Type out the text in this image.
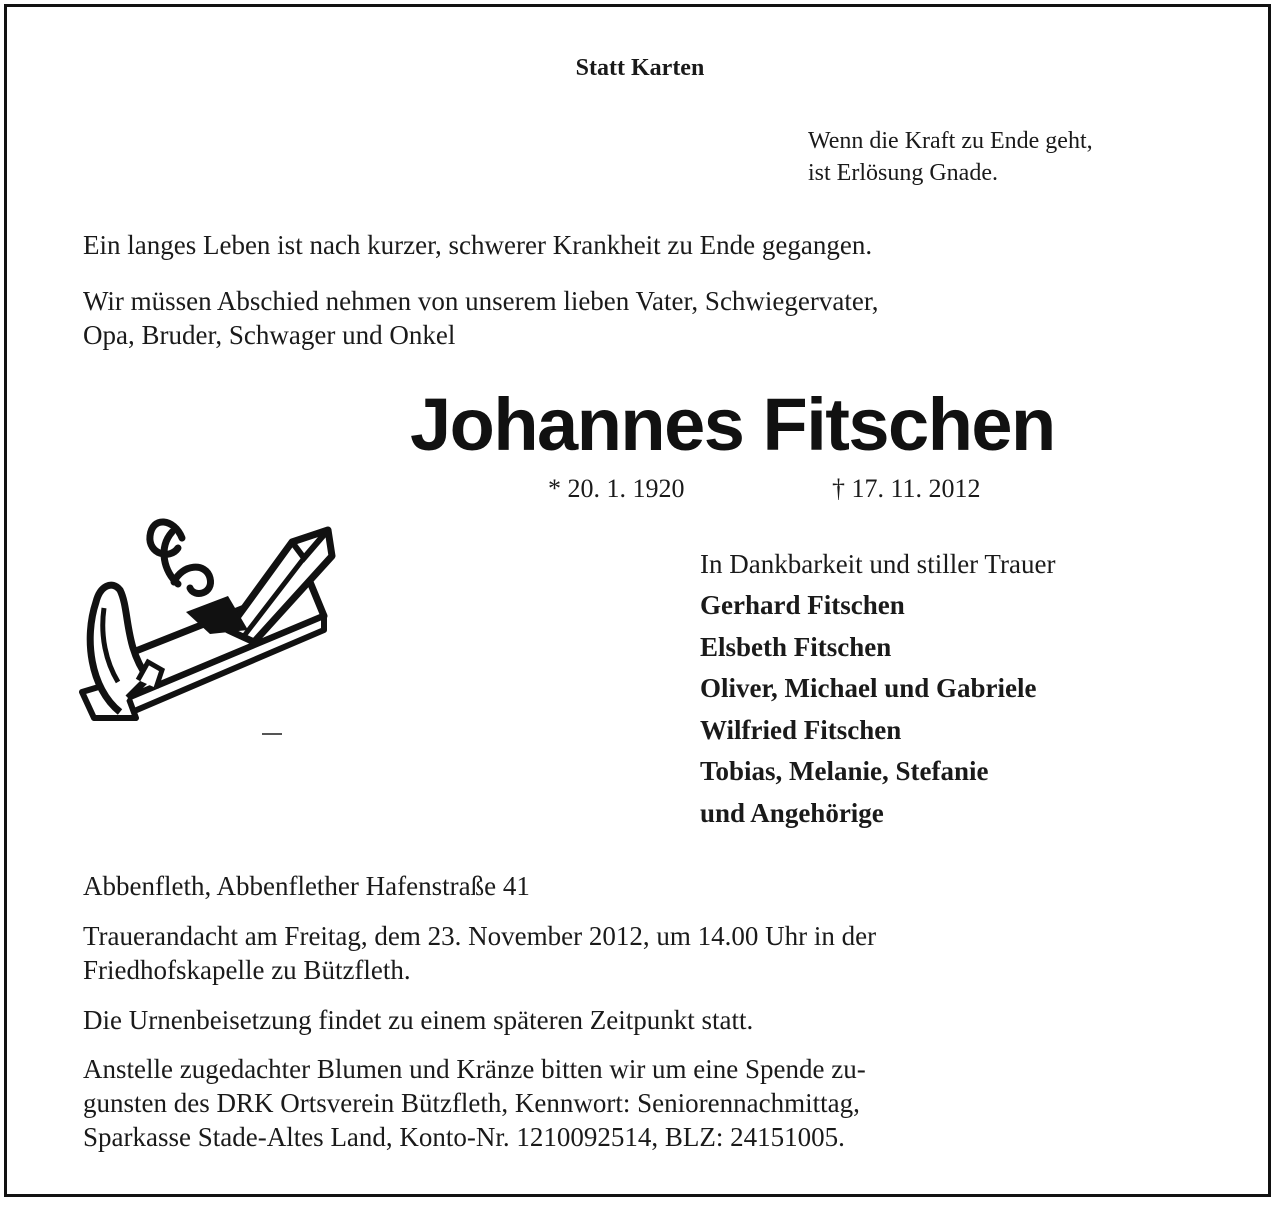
Statt Karten
Wenn die Kraft zu Ende geht,
ist Erlösung Gnade.
Ein langes Leben ist nach kurzer, schwerer Krankheit zu Ende gegangen.
Wir müssen Abschied nehmen von unserem lieben Vater, Schwiegervater,
Opa, Bruder, Schwager und Onkel
Johannes Fitschen
* 20. 1. 1920	† 17. 11. 2012
In Dankbarkeit und stiller Trauer
Gerhard Fitschen
Elsbeth Fitschen
Oliver, Michael und Gabriele
Wilfried Fitschen
Tobias, Melanie, Stefanie
und Angehörige
Abbenfleth, Abbenflether Hafenstraße 41
Trauerandacht am Freitag, dem 23. November 2012, um 14.00 Uhr in der
Friedhofskapelle zu Bützfleth.
Die Urnenbeisetzung findet zu einem späteren Zeitpunkt statt.
Anstelle zugedachter Blumen und Kränze bitten wir um eine Spende zu-
gunsten des DRK Ortsverein Bützfleth, Kennwort: Seniorennachmittag,
Sparkasse Stade-Altes Land, Konto-Nr. 1210092514, BLZ: 24151005.
